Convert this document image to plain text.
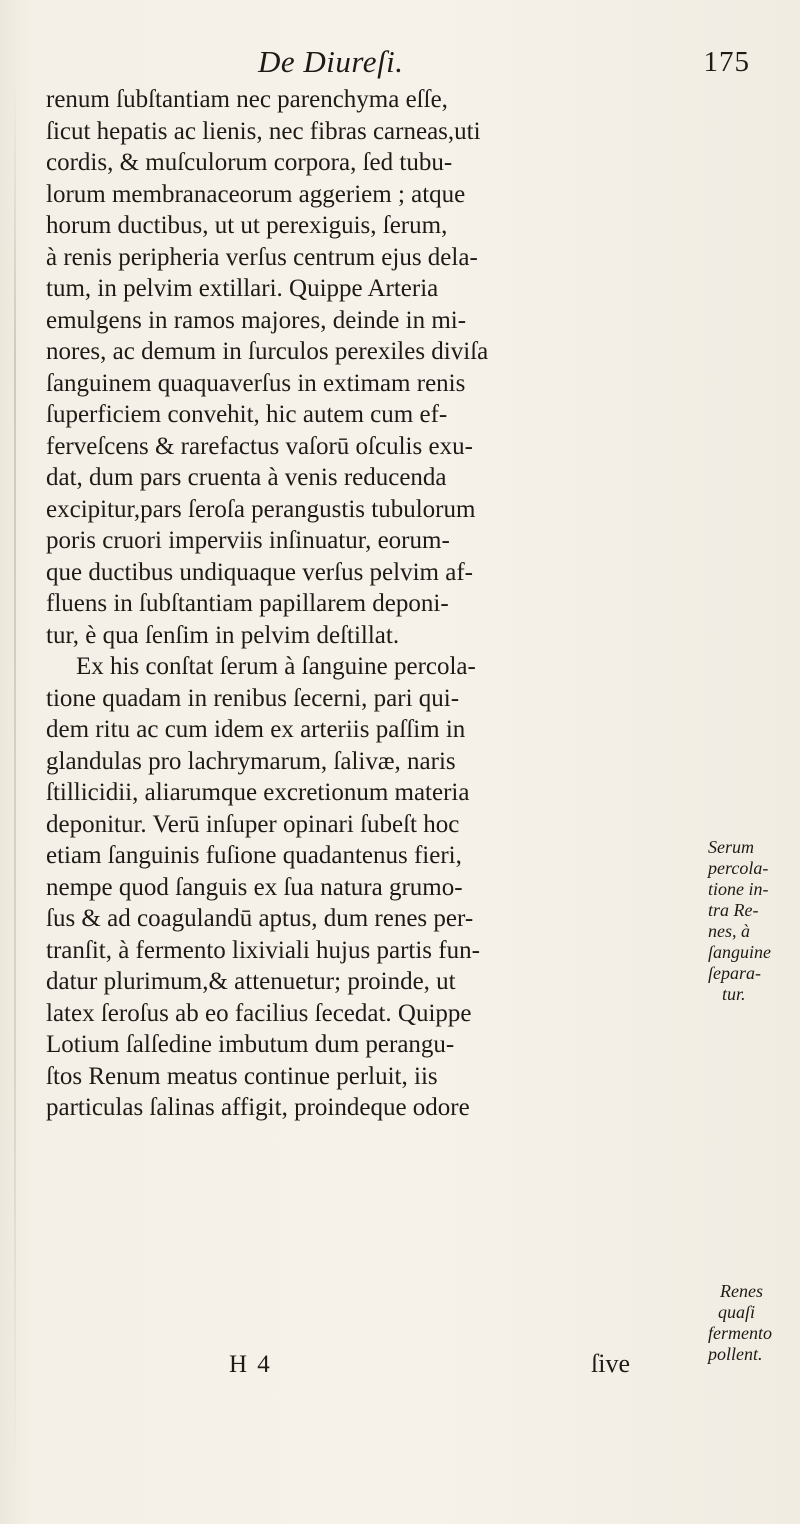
De Diureſi.	175
renum ſubſtantiam nec parenchyma eſſe,
ſicut hepatis ac lienis, nec fibras carneas,uti
cordis, & muſculorum corpora, ſed tubu-
lorum membranaceorum aggeriem ; atque
horum ductibus, ut ut perexiguis, ſerum,
à renis peripheria verſus centrum ejus dela-
tum, in pelvim extillari. Quippe Arteria
emulgens in ramos majores, deinde in mi-
nores, ac demum in ſurculos perexiles diviſa
ſanguinem quaquaverſus in extimam renis
ſuperficiem convehit, hic autem cum ef-
ferveſcens & rarefactus vaſorū oſculis exu-
dat, dum pars cruenta à venis reducenda
excipitur,pars ſeroſa perangustis tubulorum
poris cruori imperviis inſinuatur, eorum-
que ductibus undiquaque verſus pelvim af-
fluens in ſubſtantiam papillarem deponi-
tur, è qua ſenſim in pelvim deſtillat.
Ex his conſtat ſerum à ſanguine percola-
tione quadam in renibus ſecerni, pari qui-
dem ritu ac cum idem ex arteriis paſſim in
glandulas pro lachrymarum, ſalivæ, naris
ſtillicidii, aliarumque excretionum materia
deponitur. Verū inſuper opinari ſubeſt hoc
etiam ſanguinis fuſione quadantenus fieri,
nempe quod ſanguis ex ſua natura grumo-
ſus & ad coagulandū aptus, dum renes per-
tranſit, à fermento lixiviali hujus partis fun-
datur plurimum,& attenuetur; proinde, ut
latex ſeroſus ab eo facilius ſecedat. Quippe
Lotium ſalſedine imbutum dum perangu-
ſtos Renum meatus continue perluit, iis
particulas ſalinas affigit, proindeque odore
Serum
percola-
tione in-
tra Re-
nes, à
ſanguine
ſepara-
tur.
Renes
quaſi
fermento
pollent.
H 4	ſive
